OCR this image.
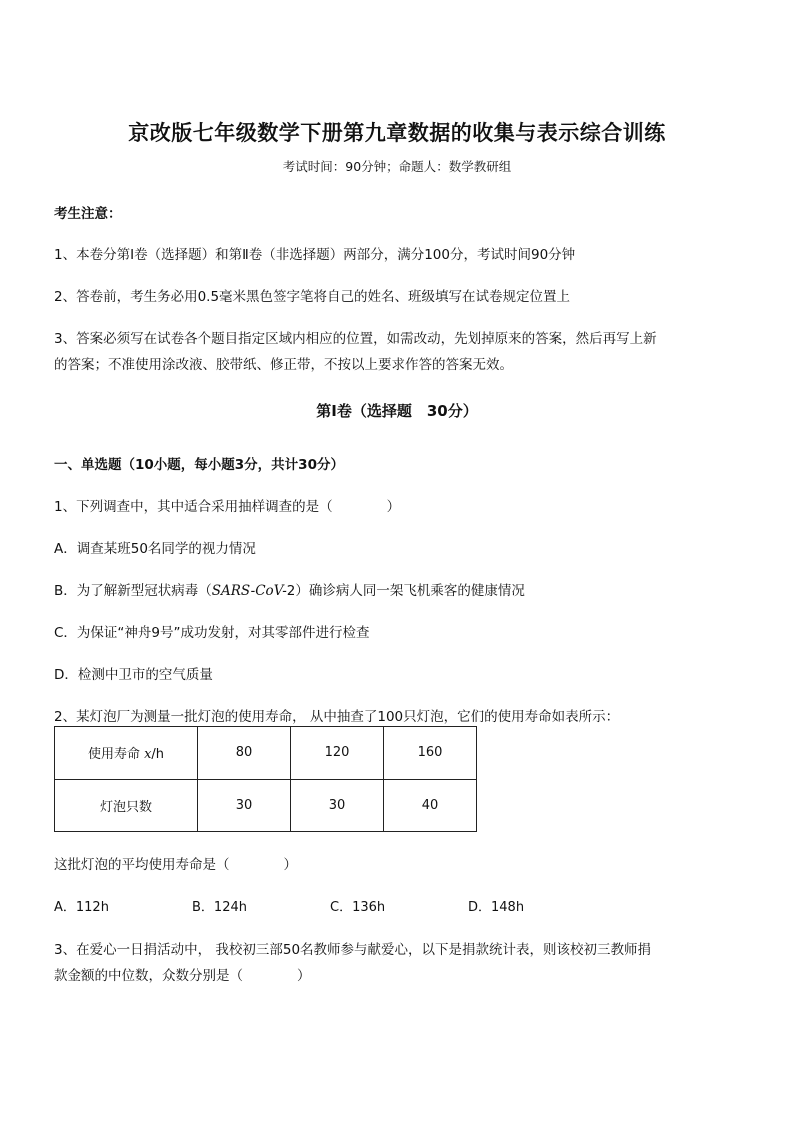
京改版七年级数学下册第九章数据的收集与表示综合训练
考试时间：90分钟；命题人：数学教研组
考生注意：
1、本卷分第Ⅰ卷（选择题）和第Ⅱ卷（非选择题）两部分，满分100分，考试时间90分钟
2、答卷前，考生务必用0.5毫米黑色签字笔将自己的姓名、班级填写在试卷规定位置上
3、答案必须写在试卷各个题目指定区域内相应的位置，如需改动，先划掉原来的答案，然后再写上新
的答案；不准使用涂改液、胶带纸、修正带，不按以上要求作答的答案无效。
第Ⅰ卷（选择题　30分）
一、单选题（10小题，每小题3分，共计30分）
1、下列调查中，其中适合采用抽样调查的是（　　　　）
A．调查某班50名同学的视力情况
B．为了解新型冠状病毒（SARS-CoV-2）确诊病人同一架飞机乘客的健康情况
C．为保证“神舟9号”成功发射，对其零部件进行检查
D．检测中卫市的空气质量
2、某灯泡厂为测量一批灯泡的使用寿命， 从中抽查了100只灯泡，它们的使用寿命如表所示：
使用寿命 x/h	80	120	160
灯泡只数	30	30	40
这批灯泡的平均使用寿命是（　　　　）
A．112h	B．124h	C．136h	D．148h
3、在爱心一日捐活动中， 我校初三部50名教师参与献爱心，以下是捐款统计表，则该校初三教师捐
款金额的中位数，众数分别是（　　　　）
